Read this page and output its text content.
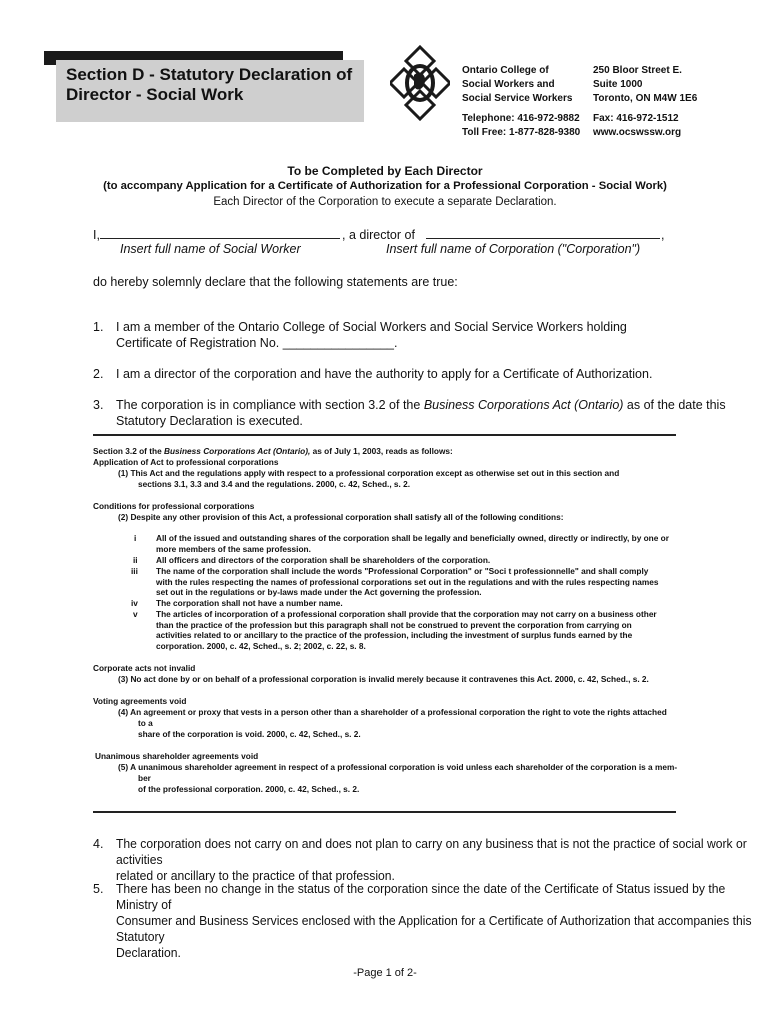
Section D - Statutory Declaration of
Director - Social Work
Ontario College of
Social Workers and
Social Service Workers
250 Bloor Street E.
Suite 1000
Toronto, ON M4W 1E6
Telephone: 416-972-9882
Toll Free: 1-877-828-9380
Fax: 416-972-1512
www.ocswssw.org
To be Completed by Each Director
(to accompany Application for a Certificate of Authorization for a Professional Corporation - Social Work)
Each Director of the Corporation to execute a separate Declaration.
I,	, a director of	,
Insert full name of Social Worker	Insert full name of Corporation ("Corporation")
do hereby solemnly declare that the following statements are true:
1. I am a member of the Ontario College of Social Workers and Social Service Workers holding
Certificate of Registration No. ________________.
2. I am a director of the corporation and have the authority to apply for a Certificate of Authorization.
3. The corporation is in compliance with section 3.2 of the Business Corporations Act (Ontario) as of the date this
Statutory Declaration is executed.
Section 3.2 of the Business Corporations Act (Ontario), as of July 1, 2003, reads as follows:
Application of Act to professional corporations
(1) This Act and the regulations apply with respect to a professional corporation except as otherwise set out in this section and
sections 3.1, 3.3 and 3.4 and the regulations. 2000, c. 42, Sched., s. 2.
Conditions for professional corporations
(2) Despite any other provision of this Act, a professional corporation shall satisfy all of the following conditions:
i All of the issued and outstanding shares of the corporation shall be legally and beneficially owned, directly or indirectly, by one or
more members of the same profession.
ii All officers and directors of the corporation shall be shareholders of the corporation.
iii The name of the corporation shall include the words "Professional Corporation" or "Soci t professionnelle" and shall comply
with the rules respecting the names of professional corporations set out in the regulations and with the rules respecting names
set out in the regulations or by-laws made under the Act governing the profession.
iv The corporation shall not have a number name.
v The articles of incorporation of a professional corporation shall provide that the corporation may not carry on a business other
than the practice of the profession but this paragraph shall not be construed to prevent the corporation from carrying on
activities related to or ancillary to the practice of the profession, including the investment of surplus funds earned by the
corporation. 2000, c. 42, Sched., s. 2; 2002, c. 22, s. 8.
Corporate acts not invalid
(3) No act done by or on behalf of a professional corporation is invalid merely because it contravenes this Act. 2000, c. 42, Sched., s. 2.
Voting agreements void
(4) An agreement or proxy that vests in a person other than a shareholder of a professional corporation the right to vote the rights attached
to a
share of the corporation is void. 2000, c. 42, Sched., s. 2.
Unanimous shareholder agreements void
(5) A unanimous shareholder agreement in respect of a professional corporation is void unless each shareholder of the corporation is a mem-
ber
of the professional corporation. 2000, c. 42, Sched., s. 2.
4. The corporation does not carry on and does not plan to carry on any business that is not the practice of social work or activities
related or ancillary to the practice of that profession.
5. There has been no change in the status of the corporation since the date of the Certificate of Status issued by the Ministry of
Consumer and Business Services enclosed with the Application for a Certificate of Authorization that accompanies this Statutory
Declaration.
-Page 1 of 2-
